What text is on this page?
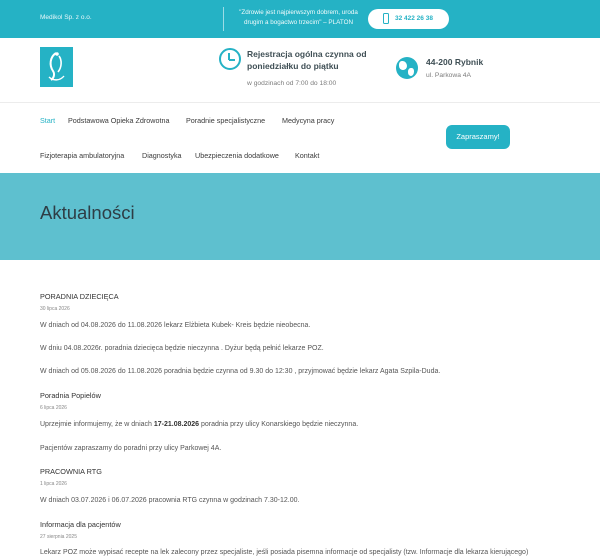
Medikol Sp. z o.o.
"Zdrowie jest najpierwszym dobrem, uroda drugim a bogactwo trzecim" – PLATON	32 422 26 38
Rejestracja ogólna czynna od poniedziałku do piątku
w godzinach od 7:00 do 18:00
44-200 Rybnik
ul. Parkowa 4A
Start Podstawowa Opieka Zdrowotna Poradnie specjalistyczne Medycyna pracy
Fizjoterapia ambulatoryjna Diagnostyka Ubezpieczenia dodatkowe Kontakt
Zapraszamy!
Aktualności
PORADNIA DZIECIĘCA
30 lipca 2026
W dniach od 04.08.2026 do 11.08.2026 lekarz Elżbieta Kubek- Kreis będzie nieobecna.
W dniu 04.08.2026r. poradnia dziecięca będzie nieczynna . Dyżur będą pełnić lekarze POZ.
W dniach od 05.08.2026 do 11.08.2026 poradnia będzie czynna od 9.30 do 12:30 , przyjmować będzie lekarz Agata Szpila-Duda.
Poradnia Popielów
6 lipca 2026
Uprzejmie informujemy, że w dniach 17-21.08.2026 poradnia przy ulicy Konarskiego będzie nieczynna.
Pacjentów zapraszamy do poradni przy ulicy Parkowej 4A.
PRACOWNIA RTG
1 lipca 2026
W dniach 03.07.2026 i 06.07.2026 pracownia RTG czynna w godzinach 7.30-12.00.
Informacja dla pacjentów
27 sierpnia 2025
Lekarz POZ może wypisać recepte na lek zalecony przez specjaliste, jeśli posiada pisemna informacje od specjalisty (tzw. Informacje dla lekarza kierującego)
